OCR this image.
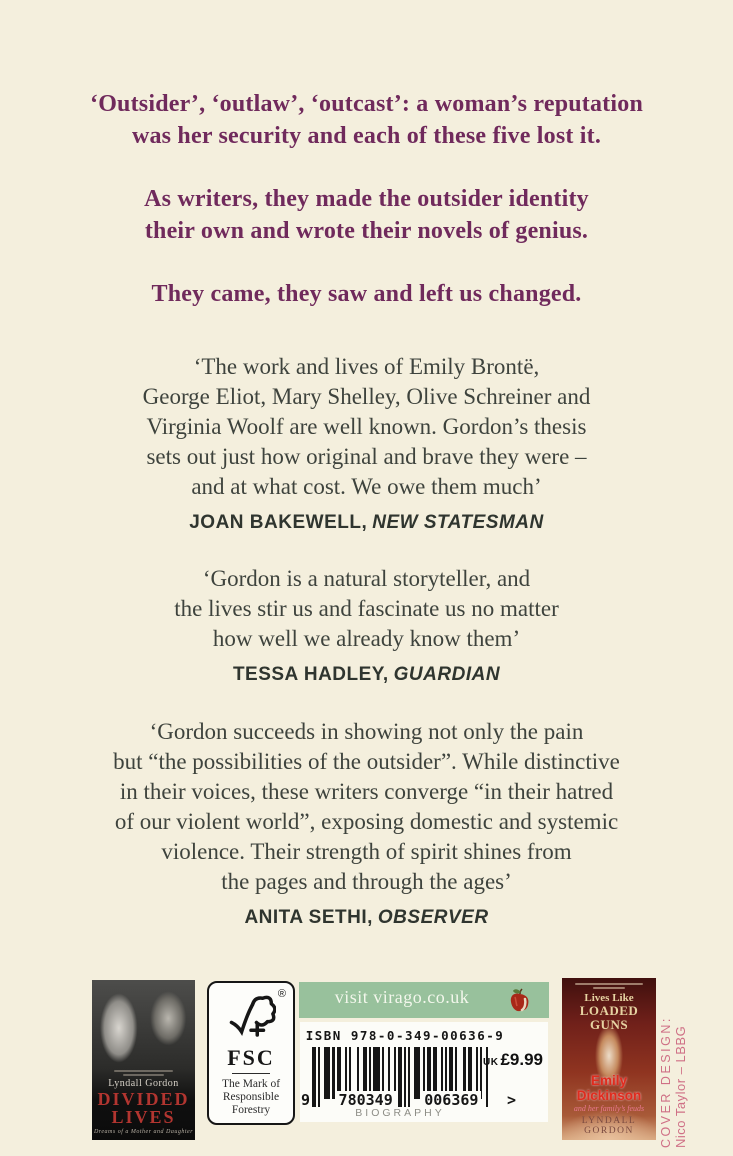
‘Outsider’, ‘outlaw’, ‘outcast’: a woman’s reputation
was her security and each of these five lost it.
As writers, they made the outsider identity
their own and wrote their novels of genius.
They came, they saw and left us changed.
‘The work and lives of Emily Brontë,
George Eliot, Mary Shelley, Olive Schreiner and
Virginia Woolf are well known. Gordon’s thesis
sets out just how original and brave they were –
and at what cost. We owe them much’
JOAN BAKEWELL, NEW STATESMAN
‘Gordon is a natural storyteller, and
the lives stir us and fascinate us no matter
how well we already know them’
TESSA HADLEY, GUARDIAN
‘Gordon succeeds in showing not only the pain
but “the possibilities of the outsider”. While distinctive
in their voices, these writers converge “in their hatred
of our violent world”, exposing domestic and systemic
violence. Their strength of spirit shines from
the pages and through the ages’
ANITA SETHI, OBSERVER
Lyndall Gordon
DIVIDED
LIVES
Dreams of a Mother and Daughter
®
FSC
The Mark of
Responsible
Forestry
visit virago.co.uk
ISBN 978-0-349-00636-9
9 780349 006369 >
UK £9.99
BIOGRAPHY
Lives Like
LOADED GUNS
Emily Dickinson
and her family’s feuds
LYNDALL GORDON	COVER DESIGN: Nico Taylor – LBBG
